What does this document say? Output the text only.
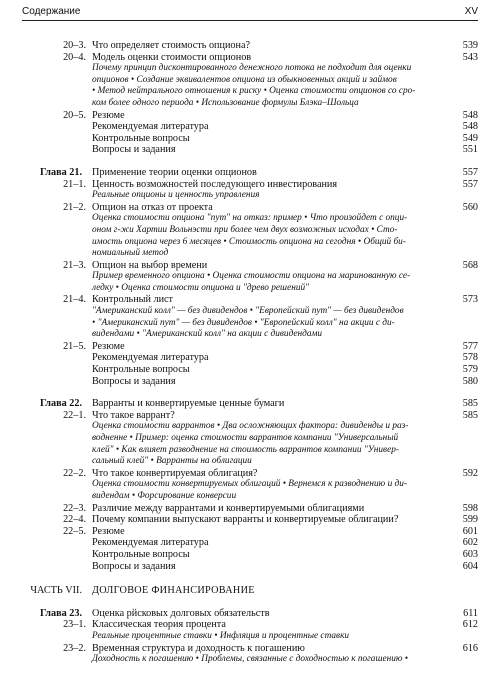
Содержание	XV
20–3. Что определяет стоимость опциона?	539
20–4. Модель оценки стоимости опционов	543
Почему принцип дисконтированного денежного потока не подходит для оценки
опционов • Создание эквивалентов опциона из обыкновенных акций и займов
• Метод нейтрального отношения к риску • Оценка стоимости опционов со сро-
ком более одного периода • Использование формулы Блэка–Шольца
20–5. Резюме	548
Рекомендуемая литература	548
Контрольные вопросы	549
Вопросы и задания	551
Глава 21. Применение теории оценки опционов	557
21–1. Ценность возможностей последующего инвестирования	557
Реальные опционы и ценность управления
21–2. Опцион на отказ от проекта	560
Оценка стоимости опциона "пут" на отказ: пример • Что произойдет с опци-
оном г-жи Хартии Вольнэсти при более чем двух возможных исходах • Сто-
имость опциона через 6 месяцев • Стоимость опциона на сегодня • Общий би-
номиальный метод
21–3. Опцион на выбор времени	568
Пример временного опциона • Оценка стоимости опциона на маринованную се-
ледку • Оценка стоимости опциона и "древо решений"
21–4. Контрольный лист	573
"Американский колл" — без дивидендов • "Европейский пут" — без дивидендов
• "Американский пут" — без дивидендов • "Европейский колл" на акции с ди-
видендами • "Американский колл" на акции с дивидендами
21–5. Резюме	577
Рекомендуемая литература	578
Контрольные вопросы	579
Вопросы и задания	580
Глава 22. Варранты и конвертируемые ценные бумаги	585
22–1. Что такое варрант?	585
Оценка стоимости варрантов • Два осложняющих фактора: дивиденды и раз-
водненне • Пример: оценка стоимости варрантов компании "Универсальный
клей" • Как влияет разводнение на стоимость варрантов компании "Универ-
сальный клей" • Варранты на облигации
22–2. Что такое конвертируемая облигация?	592
Оценка стоимости конвертируемых облигаций • Вернемся к разводнению и ди-
видендам • Форсирование конверсии
22–3. Различие между варрантами и конвертируемыми облигациями	598
22–4. Почему компании выпускают варранты и конвертируемые облигации?	599
22–5. Резюме	601
Рекомендуемая литература	602
Контрольные вопросы	603
Вопросы и задания	604
ЧАСТЬ VII. ДОЛГОВОЕ ФИНАНСИРОВАНИЕ
Глава 23. Оценка рйсковых долговых обязательств	611
23–1. Классическая теория процента	612
Реальные процентные ставки • Инфляция и процентные ставки
23–2. Временная структура и доходность к погашению	616
Доходность к погашению • Проблемы, связанные с доходностью к погашению •
